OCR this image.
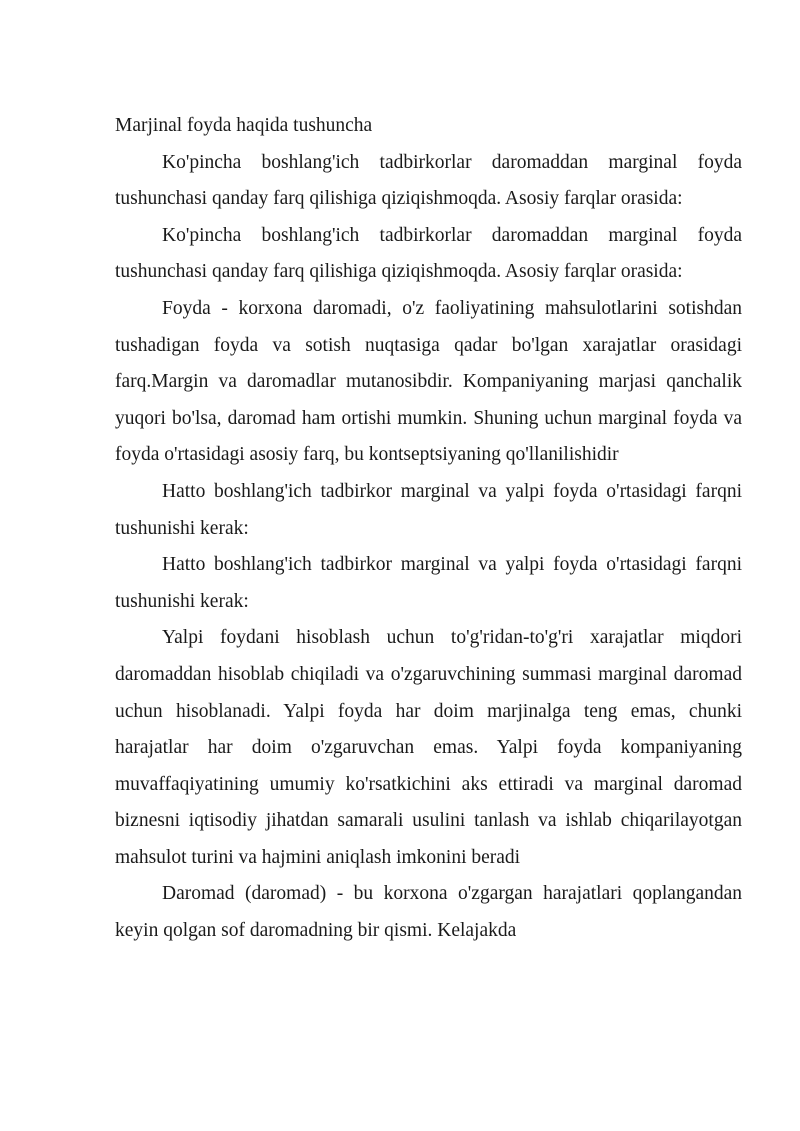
Marjinal foyda haqida tushuncha

Ko'pincha boshlang'ich tadbirkorlar daromaddan marginal foyda tushunchasi qanday farq qilishiga qiziqishmoqda. Asosiy farqlar orasida:

Ko'pincha boshlang'ich tadbirkorlar daromaddan marginal foyda tushunchasi qanday farq qilishiga qiziqishmoqda. Asosiy farqlar orasida:

Foyda - korxona daromadi, o'z faoliyatining mahsulotlarini sotishdan tushadigan foyda va sotish nuqtasiga qadar bo'lgan xarajatlar orasidagi farq.Margin va daromadlar mutanosibdir. Kompaniyaning marjasi qanchalik yuqori bo'lsa, daromad ham ortishi mumkin. Shuning uchun marginal foyda va foyda o'rtasidagi asosiy farq, bu kontseptsiyaning qo'llanilishidir

Hatto boshlang'ich tadbirkor marginal va yalpi foyda o'rtasidagi farqni tushunishi kerak:

Hatto boshlang'ich tadbirkor marginal va yalpi foyda o'rtasidagi farqni tushunishi kerak:

Yalpi foydani hisoblash uchun to'g'ridan-to'g'ri xarajatlar miqdori daromaddan hisoblab chiqiladi va o'zgaruvchining summasi marginal daromad uchun hisoblanadi. Yalpi foyda har doim marjinalga teng emas, chunki harajatlar har doim o'zgaruvchan emas. Yalpi foyda kompaniyaning muvaffaqiyatining umumiy ko'rsatkichini aks ettiradi va marginal daromad biznesni iqtisodiy jihatdan samarali usulini tanlash va ishlab chiqarilayotgan mahsulot turini va hajmini aniqlash imkonini beradi

Daromad (daromad) - bu korxona o'zgargan harajatlari qoplangandan keyin qolgan sof daromadning bir qismi. Kelajakda
